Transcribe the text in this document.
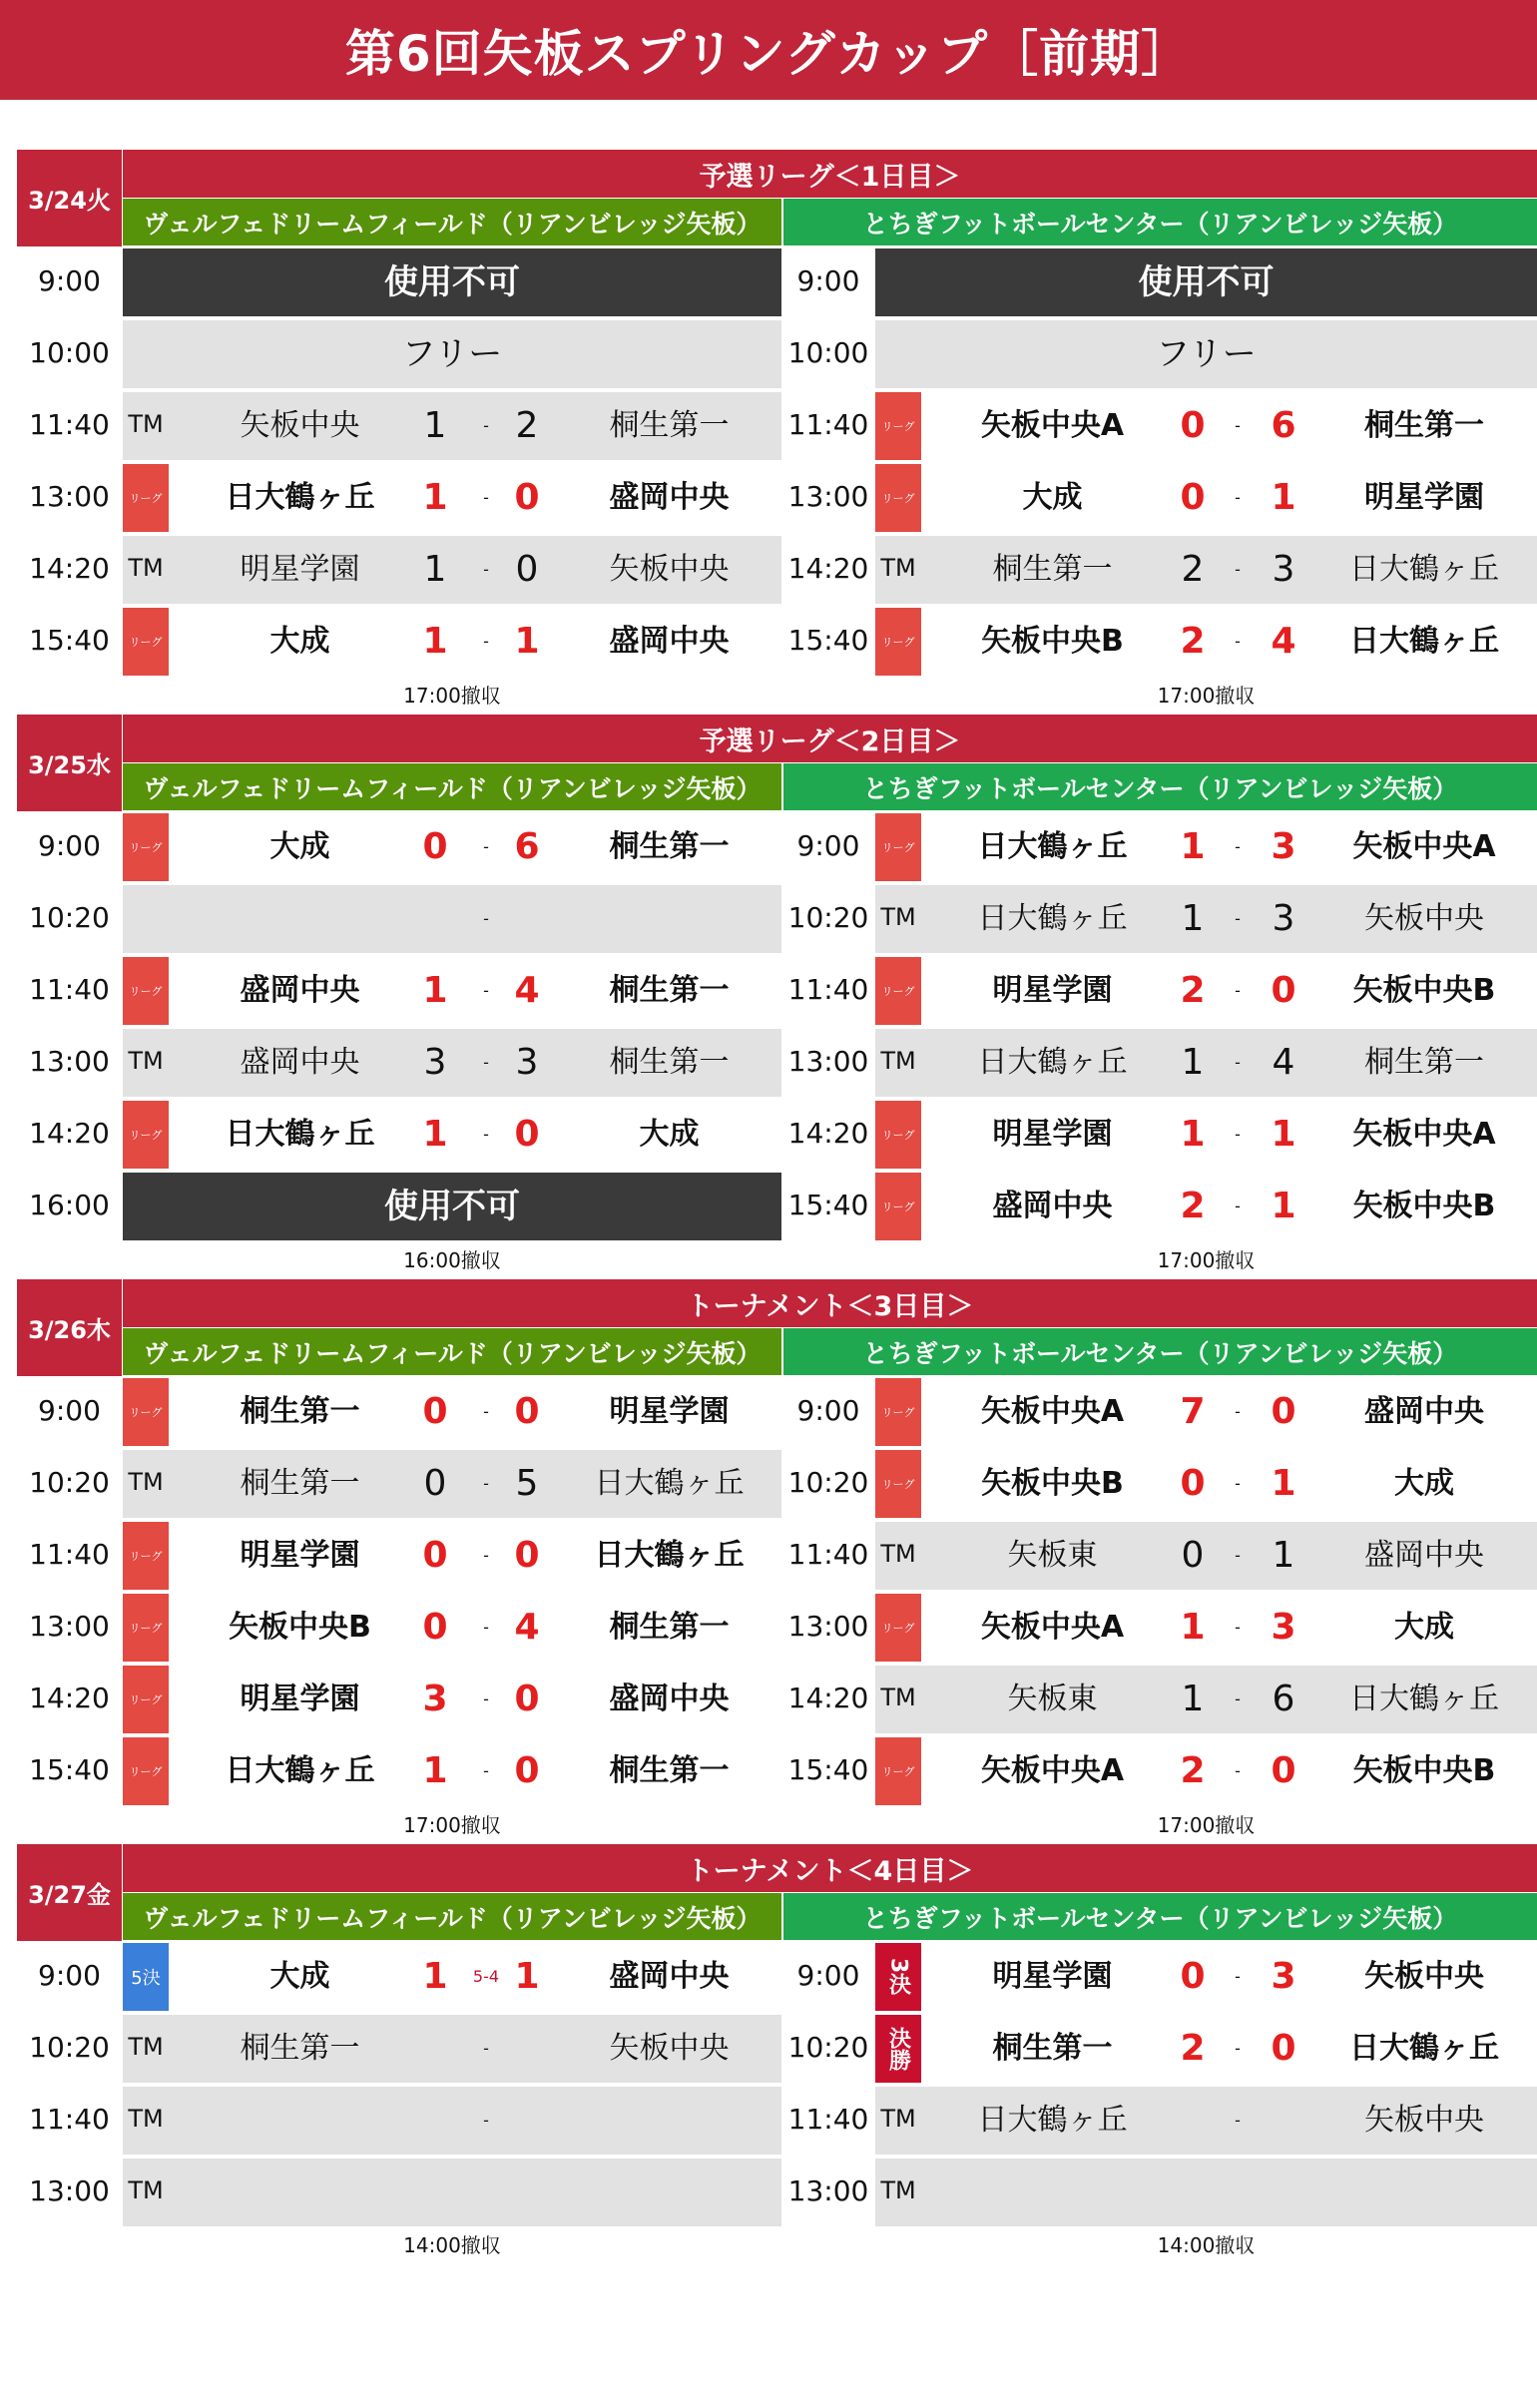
第6回矢板スプリングカップ［前期］
3/24火
予選リーグ＜1日目＞
ヴェルフェドリームフィールド（リアンビレッジ矢板）	とちぎフットボールセンター（リアンビレッジ矢板）
9:00	使用不可
10:00	フリー
11:40 TM	矢板中央	1	- 2	桐生第一
13:00	リーグ	日大鶴ヶ丘	1	- 0	盛岡中央
14:20 TM	明星学園	1	- 0	矢板中央
15:40	リーグ	大成	1	- 1	盛岡中央
17:00撤収
9:00	使用不可
10:00	フリー
11:40	リーグ	矢板中央A	0	- 6	桐生第一
13:00	リーグ	大成	0	- 1	明星学園
14:20 TM	桐生第一	2	- 3	日大鶴ヶ丘
15:40	リーグ	矢板中央B	2	- 4	日大鶴ヶ丘
17:00撤収
3/25水
予選リーグ＜2日目＞
ヴェルフェドリームフィールド（リアンビレッジ矢板）	とちぎフットボールセンター（リアンビレッジ矢板）
9:00	リーグ	大成	0	- 6	桐生第一
10:20	-
11:40	リーグ	盛岡中央	1	- 4	桐生第一
13:00 TM	盛岡中央	3	- 3	桐生第一
14:20	リーグ	日大鶴ヶ丘	1	- 0	大成
16:00	使用不可
16:00撤収
9:00	リーグ	日大鶴ヶ丘	1	- 3	矢板中央A
10:20 TM	日大鶴ヶ丘	1	- 3	矢板中央
11:40	リーグ	明星学園	2	- 0	矢板中央B
13:00 TM	日大鶴ヶ丘	1	- 4	桐生第一
14:20	リーグ	明星学園	1	- 1	矢板中央A
15:40	リーグ	盛岡中央	2	- 1	矢板中央B
17:00撤収
3/26木
トーナメント＜3日目＞
ヴェルフェドリームフィールド（リアンビレッジ矢板）	とちぎフットボールセンター（リアンビレッジ矢板）
9:00	リーグ	桐生第一	0	- 0	明星学園
10:20 TM	桐生第一	0	- 5	日大鶴ヶ丘
11:40	リーグ	明星学園	0	- 0	日大鶴ヶ丘
13:00	リーグ	矢板中央B	0	- 4	桐生第一
14:20	リーグ	明星学園	3	- 0	盛岡中央
15:40	リーグ	日大鶴ヶ丘	1	- 0	桐生第一
17:00撤収
9:00	リーグ	矢板中央A	7	- 0	盛岡中央
10:20	リーグ	矢板中央B	0	- 1	大成
11:40 TM	矢板東	0	- 1	盛岡中央
13:00	リーグ	矢板中央A	1	- 3	大成
14:20 TM	矢板東	1	- 6	日大鶴ヶ丘
15:40	リーグ	矢板中央A	2	- 0	矢板中央B
17:00撤収
3/27金
トーナメント＜4日目＞
ヴェルフェドリームフィールド（リアンビレッジ矢板）	とちぎフットボールセンター（リアンビレッジ矢板）
9:00	5決	大成	1	5-4 1	盛岡中央
10:20 TM	桐生第一	-	矢板中央
11:40 TM	-
13:00 TM
14:00撤収
9:00	3決	明星学園	0	- 3	矢板中央
10:20 決勝	桐生第一	2	- 0	日大鶴ヶ丘
11:40 TM	日大鶴ヶ丘	-	矢板中央
13:00 TM
14:00撤収
